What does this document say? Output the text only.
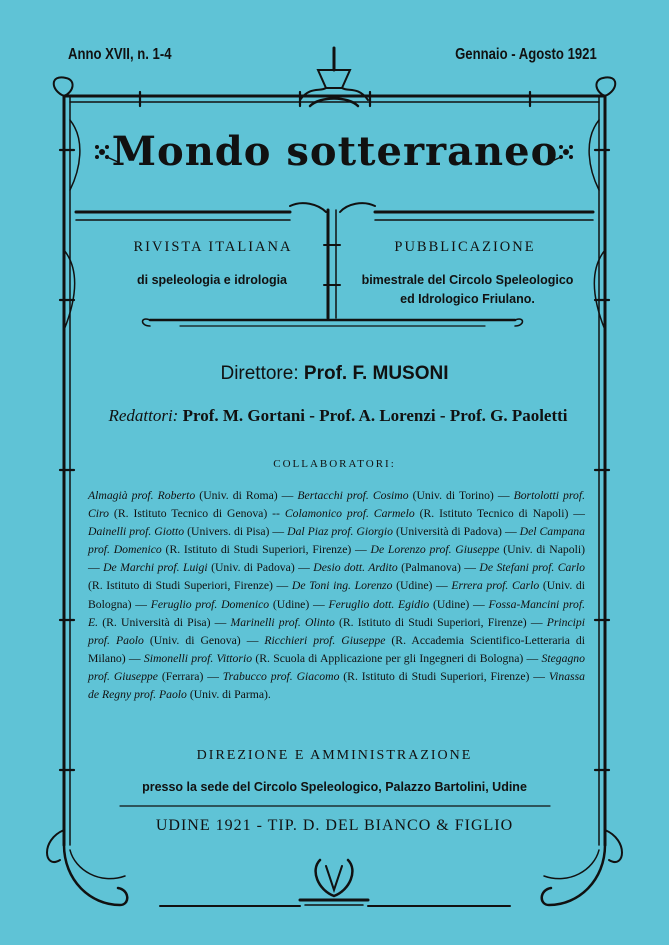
Anno XVII, n. 1-4	Gennaio - Agosto 1921
Mondo sotterraneo
RIVISTA ITALIANA
di speleologia e idrologia
PUBBLICAZIONE
bimestrale del Circolo Speleologico
ed Idrologico Friulano.
Direttore: Prof. F. MUSONI
Redattori: Prof. M. Gortani - Prof. A. Lorenzi - Prof. G. Paoletti
COLLABORATORI:
Almagià prof. Roberto (Univ. di Roma) — Bertacchi prof. Cosimo (Univ. di Torino) — Bortolotti prof. Ciro (R. Istituto Tecnico di Genova) -- Colamonico prof. Carmelo (R. Istituto Tecnico di Napoli) — Dainelli prof. Giotto (Univers. di Pisa) — Dal Piaz prof. Giorgio (Università di Padova) — Del Campana prof. Domenico (R. Istituto di Studi Superiori, Firenze) — De Lorenzo prof. Giuseppe (Univ. di Napoli) — De Marchi prof. Luigi (Univ. di Padova) — Desio dott. Ardito (Palmanova) — De Stefani prof. Carlo (R. Istituto di Studi Superiori, Firenze) — De Toni ing. Lorenzo (Udine) — Errera prof. Carlo (Univ. di Bologna) — Feruglio prof. Domenico (Udine) — Feruglio dott. Egidio (Udine) — Fossa-Mancini prof. E. (R. Università di Pisa) — Marinelli prof. Olinto (R. Istituto di Studi Superiori, Firenze) — Principi prof. Paolo (Univ. di Genova) — Ricchieri prof. Giuseppe (R. Accademia Scientifico-Letteraria di Milano) — Simonelli prof. Vittorio (R. Scuola di Applicazione per gli Ingegneri di Bologna) — Stegagno prof. Giuseppe (Ferrara) — Trabucco prof. Giacomo (R. Istituto di Studi Superiori, Firenze) — Vinassa de Regny prof. Paolo (Univ. di Parma).
DIREZIONE E AMMINISTRAZIONE
presso la sede del Circolo Speleologico, Palazzo Bartolini, Udine
UDINE 1921 - TIP. D. DEL BIANCO & FIGLIO
